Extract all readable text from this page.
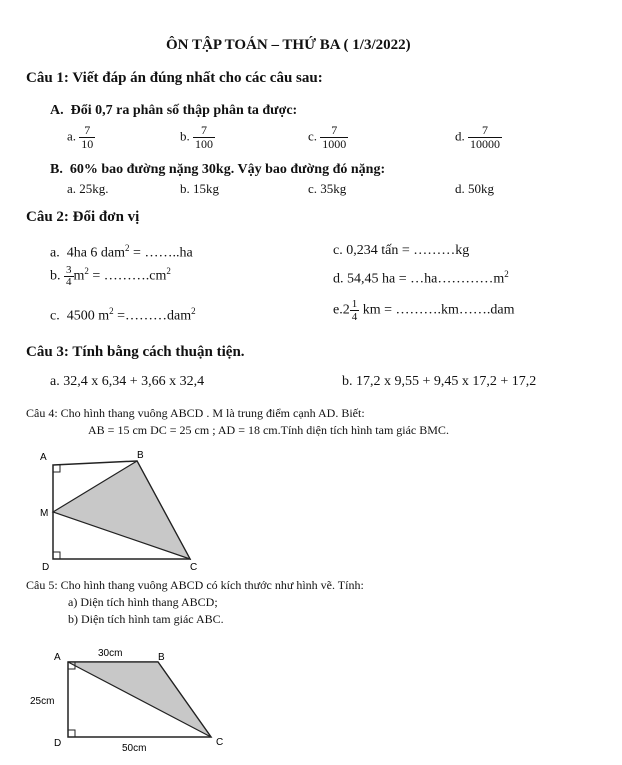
ÔN TẬP TOÁN – THỨ BA ( 1/3/2022)
Câu 1: Viết đáp án đúng nhất cho các câu sau:
A. Đổi 0,7 ra phân số thập phân ta được:
a. $\frac{7}{10}$	b. $\frac{7}{100}$	c. $\frac{7}{1000}$	d. $\frac{7}{10000}$
B. 60% bao đường nặng 30kg. Vậy bao đường đó nặng:
a. 25kg.	b. 15kg	c. 35kg	d. 50kg
Câu 2: Đổi đơn vị
a. 4ha 6 dam$^2$ = ……..ha
b. $\frac{3}{4} m^2$ = $\dots\dots\dots.cm^2$
c. 4500 $m^2$ =………dam$^2$
c. 0,234 tấn = ………kg
d. 54,45 ha = $\dots ha\dots\dots\dots\dots m^2$
$e.2 \frac{1}{4}$ km = ……….km…….dam
Câu 3: Tính bằng cách thuận tiện.
a. 32,4 x 6,34 + 3,66 x 32,4	b. 17,2 x 9,55 + 9,45 x 17,2 + 17,2
Câu 4: Cho hình thang vuông ABCD . M là trung điểm cạnh AD. Biết:
AB = 15 cm DC = 25 cm ; AD = 18 cm.Tính diện tích hình tam giác BMC.
A	B
M
D	C
Câu 5: Cho hình thang vuông ABCD có kích thước như hình vẽ. Tính:
a) Diện tích hình thang ABCD;
b) Diện tích hình tam giác ABC.
A	B
D	C
30cm
25cm
50cm
